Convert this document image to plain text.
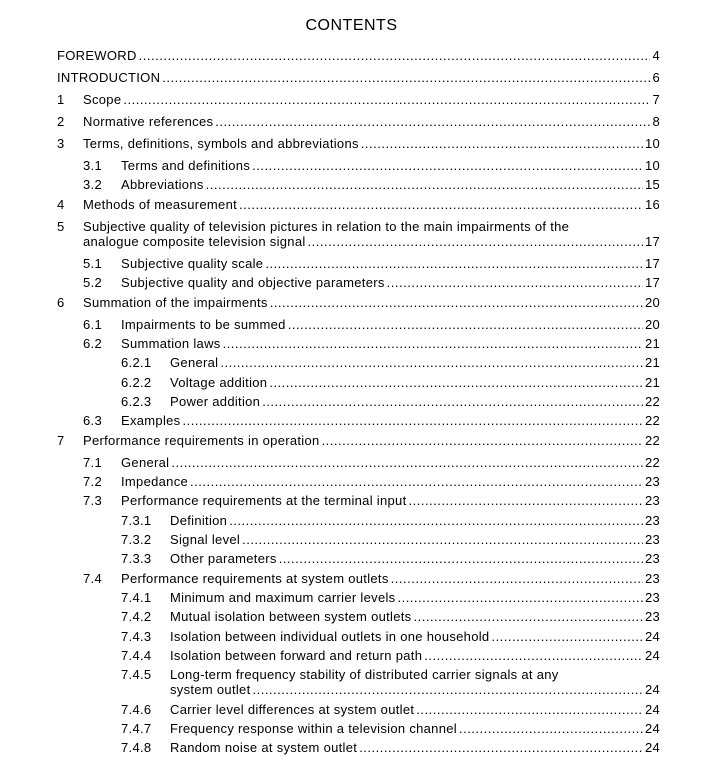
CONTENTS
FOREWORD .....	4
INTRODUCTION .....	6
1 Scope .....	7
2 Normative references .....	8
3 Terms, definitions, symbols and abbreviations .....	10
3.1 Terms and definitions .....	10
3.2 Abbreviations .....	15
4 Methods of measurement .....	16
5 Subjective quality of television pictures in relation to the main impairments of the
analogue composite television signal .....	17
5.1 Subjective quality scale .....	17
5.2 Subjective quality and objective parameters .....	17
6 Summation of the impairments .....	20
6.1 Impairments to be summed .....	20
6.2 Summation laws .....	21
6.2.1 General .....	21
6.2.2 Voltage addition .....	21
6.2.3 Power addition .....	22
6.3 Examples .....	22
7 Performance requirements in operation .....	22
7.1 General .....	22
7.2 Impedance .....	23
7.3 Performance requirements at the terminal input .....	23
7.3.1 Definition .....	23
7.3.2 Signal level .....	23
7.3.3 Other parameters .....	23
7.4 Performance requirements at system outlets .....	23
7.4.1 Minimum and maximum carrier levels .....	23
7.4.2 Mutual isolation between system outlets .....	23
7.4.3 Isolation between individual outlets in one household .....	24
7.4.4 Isolation between forward and return path .....	24
7.4.5 Long-term frequency stability of distributed carrier signals at any
system outlet .....	24
7.4.6 Carrier level differences at system outlet .....	24
7.4.7 Frequency response within a television channel .....	24
7.4.8 Random noise at system outlet .....	24
